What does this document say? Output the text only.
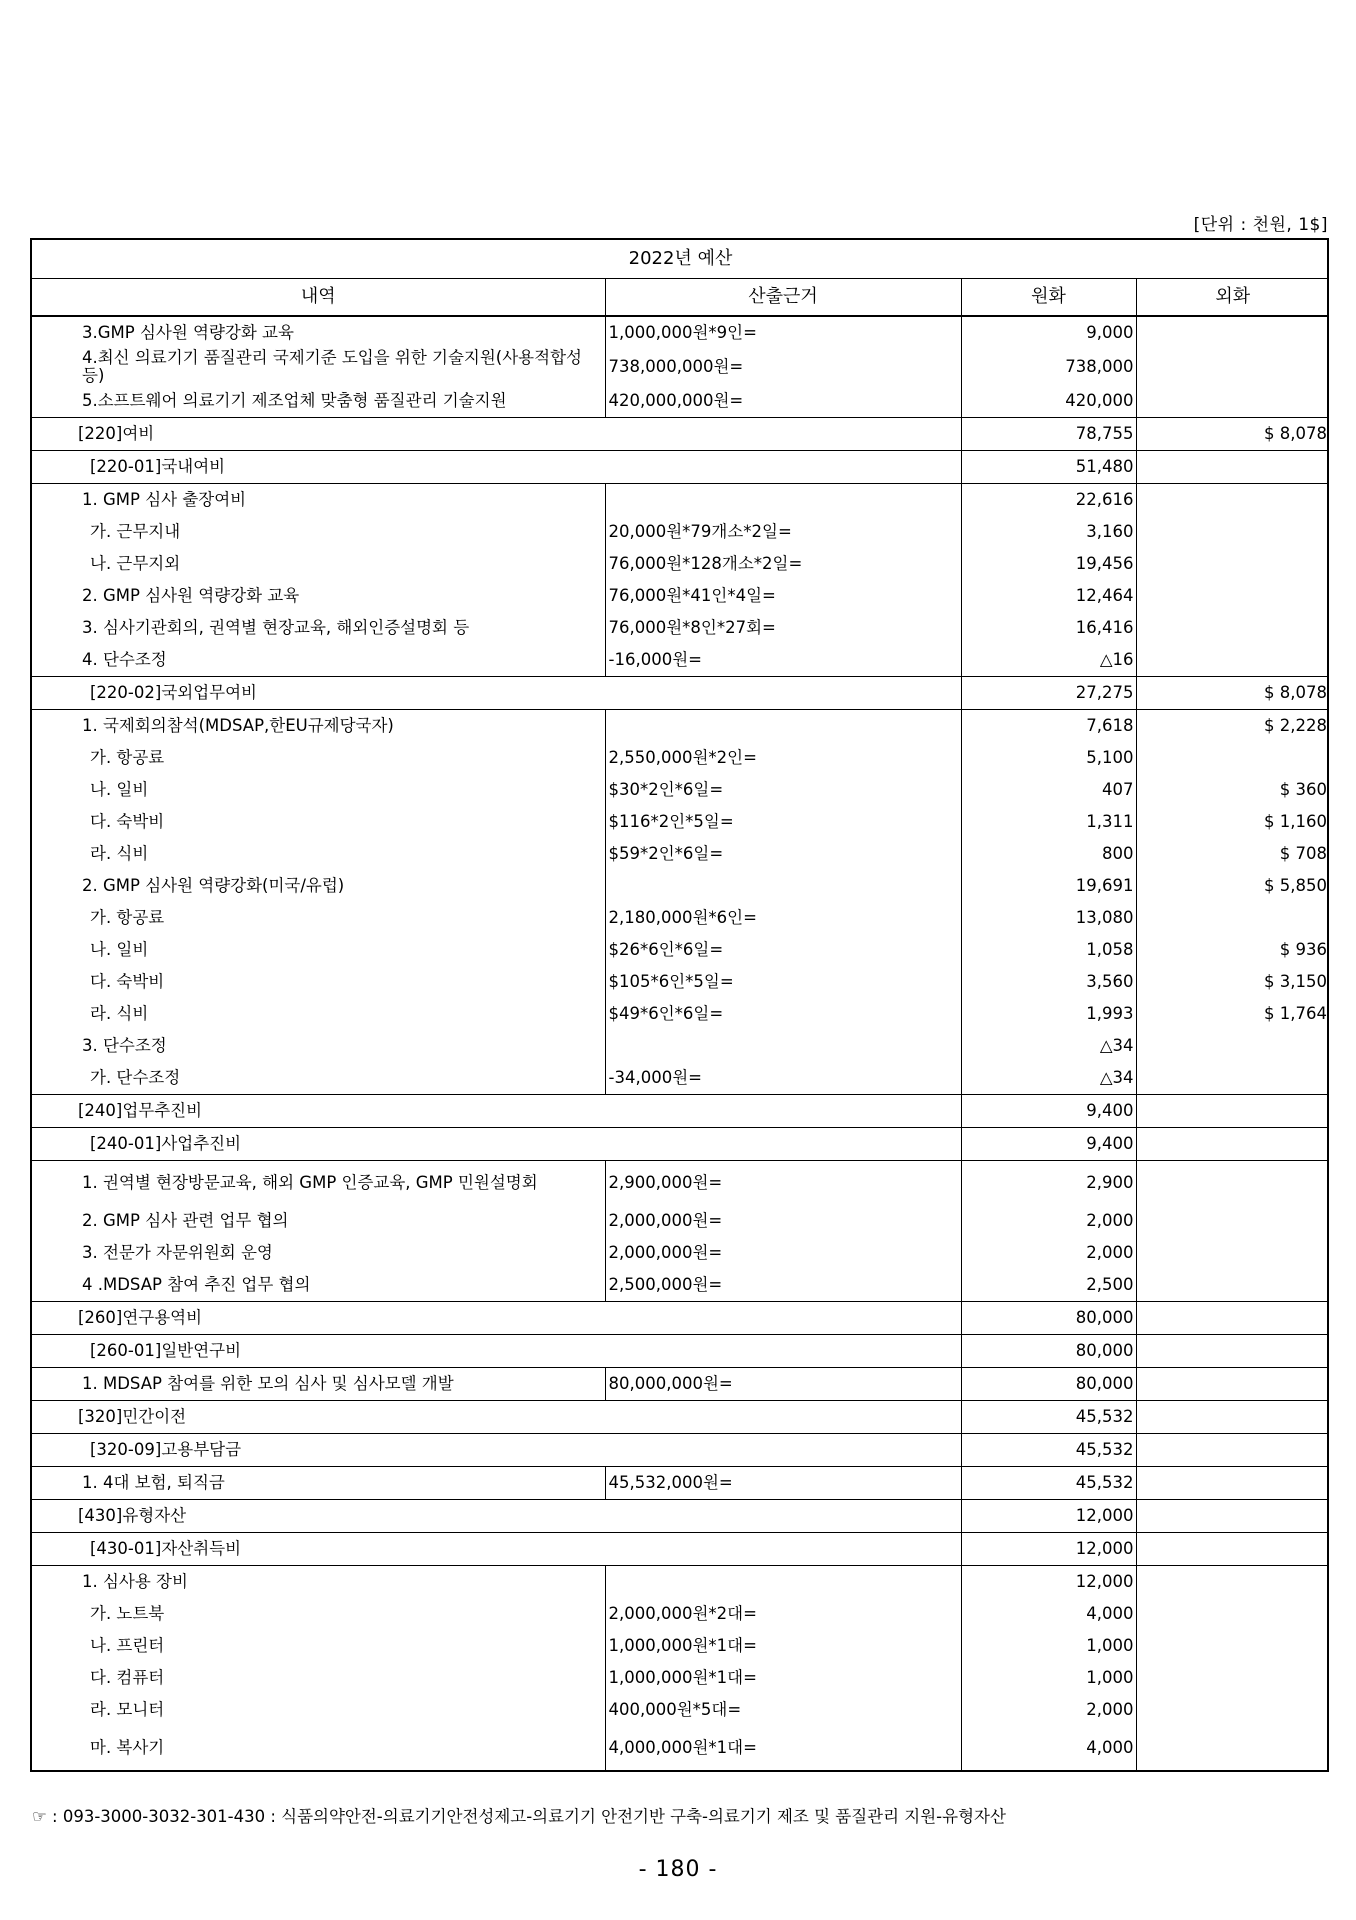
[단위 : 천원, 1$]
2022년 예산			
내역	산출근거	원화	외화
3.GMP 심사원 역량강화 교육	1,000,000원*9인=	9,000	
4.최신 의료기기 품질관리 국제기준 도입을 위한 기술지원(사용적합성등)	738,000,000원=	738,000	
5.소프트웨어 의료기기 제조업체 맞춤형 품질관리 기술지원	420,000,000원=	420,000	
[220]여비		78,755	$ 8,078
[220-01]국내여비		51,480	
1. GMP 심사 출장여비		22,616	
가. 근무지내	20,000원*79개소*2일=	3,160	
나. 근무지외	76,000원*128개소*2일=	19,456	
2. GMP 심사원 역량강화 교육	76,000원*41인*4일=	12,464	
3. 심사기관회의, 권역별 현장교육, 해외인증설명회 등	76,000원*8인*27회=	16,416	
4. 단수조정	-16,000원=	△16	
[220-02]국외업무여비		27,275	$ 8,078
1. 국제회의참석(MDSAP,한EU규제당국자)		7,618	$ 2,228
가. 항공료	2,550,000원*2인=	5,100	
나. 일비	$30*2인*6일=	407	$ 360
다. 숙박비	$116*2인*5일=	1,311	$ 1,160
라. 식비	$59*2인*6일=	800	$ 708
2. GMP 심사원 역량강화(미국/유럽)		19,691	$ 5,850
가. 항공료	2,180,000원*6인=	13,080	
나. 일비	$26*6인*6일=	1,058	$ 936
다. 숙박비	$105*6인*5일=	3,560	$ 3,150
라. 식비	$49*6인*6일=	1,993	$ 1,764
3. 단수조정		△34	
가. 단수조정	-34,000원=	△34	
[240]업무추진비		9,400	
[240-01]사업추진비		9,400	
1. 권역별 현장방문교육, 해외 GMP 인증교육, GMP 민원설명회	2,900,000원=	2,900	
2. GMP 심사 관련 업무 협의	2,000,000원=	2,000	
3. 전문가 자문위원회 운영	2,000,000원=	2,000	
4 .MDSAP 참여 추진 업무 협의	2,500,000원=	2,500	
[260]연구용역비		80,000	
[260-01]일반연구비		80,000	
1. MDSAP 참여를 위한 모의 심사 및 심사모델 개발	80,000,000원=	80,000	
[320]민간이전		45,532	
[320-09]고용부담금		45,532	
1. 4대 보험, 퇴직금	45,532,000원=	45,532	
[430]유형자산		12,000	
[430-01]자산취득비		12,000	
1. 심사용 장비		12,000	
가. 노트북	2,000,000원*2대=	4,000	
나. 프린터	1,000,000원*1대=	1,000	
다. 컴퓨터	1,000,000원*1대=	1,000	
라. 모니터	400,000원*5대=	2,000	
마. 복사기	4,000,000원*1대=	4,000	
☞ : 093-3000-3032-301-430 : 식품의약안전-의료기기안전성제고-의료기기 안전기반 구축-의료기기 제조 및 품질관리 지원-유형자산
- 180 -
